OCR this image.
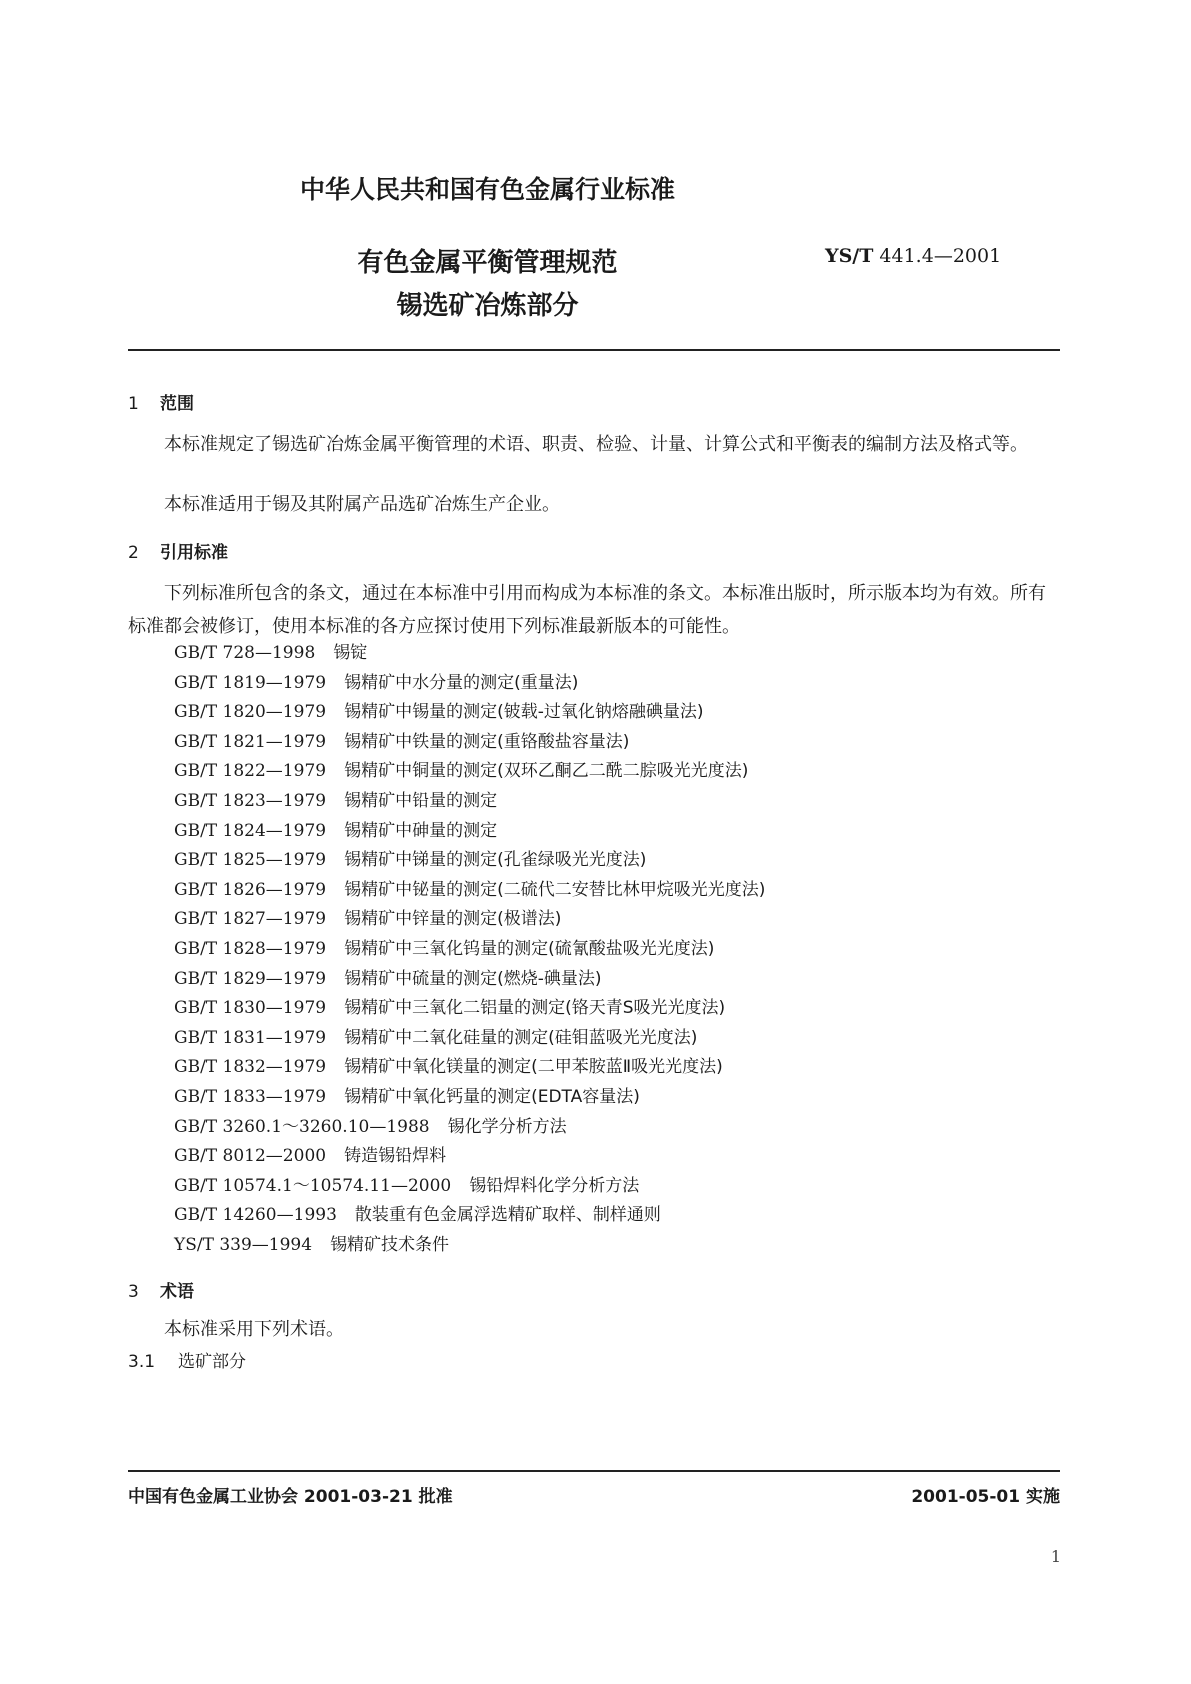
中华人民共和国有色金属行业标准
有色金属平衡管理规范
锡选矿冶炼部分
YS/T 441.4—2001
1 范围
本标准规定了锡选矿冶炼金属平衡管理的术语、职责、检验、计量、计算公式和平衡表的编制方法及格式等。
本标准适用于锡及其附属产品选矿冶炼生产企业。
2 引用标准
下列标准所包含的条文，通过在本标准中引用而构成为本标准的条文。本标准出版时，所示版本均为有效。所有标准都会被修订，使用本标准的各方应探讨使用下列标准最新版本的可能性。
GB/T 728—1998 锡锭
GB/T 1819—1979 锡精矿中水分量的测定(重量法)
GB/T 1820—1979 锡精矿中锡量的测定(铍载-过氧化钠熔融碘量法)
GB/T 1821—1979 锡精矿中铁量的测定(重铬酸盐容量法)
GB/T 1822—1979 锡精矿中铜量的测定(双环乙酮乙二酰二腙吸光光度法)
GB/T 1823—1979 锡精矿中铅量的测定
GB/T 1824—1979 锡精矿中砷量的测定
GB/T 1825—1979 锡精矿中锑量的测定(孔雀绿吸光光度法)
GB/T 1826—1979 锡精矿中铋量的测定(二硫代二安替比林甲烷吸光光度法)
GB/T 1827—1979 锡精矿中锌量的测定(极谱法)
GB/T 1828—1979 锡精矿中三氧化钨量的测定(硫氰酸盐吸光光度法)
GB/T 1829—1979 锡精矿中硫量的测定(燃烧-碘量法)
GB/T 1830—1979 锡精矿中三氧化二铝量的测定(铬天青S吸光光度法)
GB/T 1831—1979 锡精矿中二氧化硅量的测定(硅钼蓝吸光光度法)
GB/T 1832—1979 锡精矿中氧化镁量的测定(二甲苯胺蓝Ⅱ吸光光度法)
GB/T 1833—1979 锡精矿中氧化钙量的测定(EDTA容量法)
GB/T 3260.1～3260.10—1988 锡化学分析方法
GB/T 8012—2000 铸造锡铅焊料
GB/T 10574.1～10574.11—2000 锡铅焊料化学分析方法
GB/T 14260—1993 散装重有色金属浮选精矿取样、制样通则
YS/T 339—1994 锡精矿技术条件
3 术语
本标准采用下列术语。
3.1 选矿部分
中国有色金属工业协会 2001-03-21 批准	2001-05-01 实施
1
